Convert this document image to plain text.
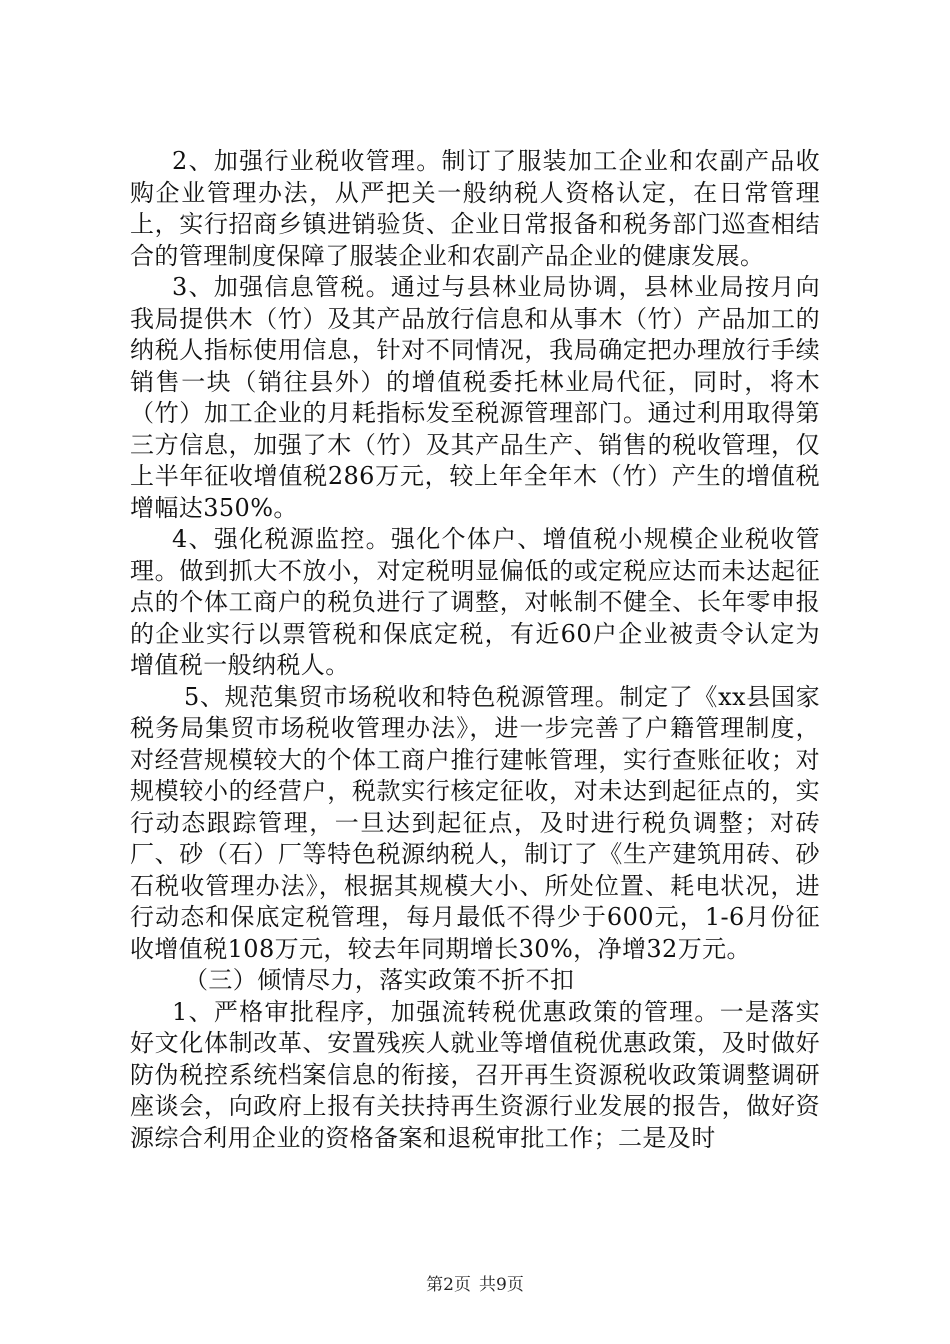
2、加强行业税收管理。制订了服装加工企业和农副产品收购企业管理办法，从严把关一般纳税人资格认定，在日常管理上，实行招商乡镇进销验货、企业日常报备和税务部门巡查相结合的管理制度保障了服装企业和农副产品企业的健康发展。

3、加强信息管税。通过与县林业局协调，县林业局按月向我局提供木（竹）及其产品放行信息和从事木（竹）产品加工的纳税人指标使用信息，针对不同情况，我局确定把办理放行手续销售一块（销往县外）的增值税委托林业局代征，同时，将木（竹）加工企业的月耗指标发至税源管理部门。通过利用取得第三方信息，加强了木（竹）及其产品生产、销售的税收管理，仅上半年征收增值税286万元，较上年全年木（竹）产生的增值税增幅达350%。

4、强化税源监控。强化个体户、增值税小规模企业税收管理。做到抓大不放小，对定税明显偏低的或定税应达而未达起征点的个体工商户的税负进行了调整，对帐制不健全、长年零申报的企业实行以票管税和保底定税，有近60户企业被责令认定为增值税一般纳税人。

5、规范集贸市场税收和特色税源管理。制定了《xx县国家税务局集贸市场税收管理办法》，进一步完善了户籍管理制度，对经营规模较大的个体工商户推行建帐管理，实行查账征收；对规模较小的经营户，税款实行核定征收，对未达到起征点的，实行动态跟踪管理，一旦达到起征点，及时进行税负调整；对砖厂、砂（石）厂等特色税源纳税人，制订了《生产建筑用砖、砂石税收管理办法》，根据其规模大小、所处位置、耗电状况，进行动态和保底定税管理，每月最低不得少于600元，1-6月份征收增值税108万元，较去年同期增长30%，净增32万元。

（三）倾情尽力，落实政策不折不扣

1、严格审批程序，加强流转税优惠政策的管理。一是落实好文化体制改革、安置残疾人就业等增值税优惠政策，及时做好防伪税控系统档案信息的衔接，召开再生资源税收政策调整调研座谈会，向政府上报有关扶持再生资源行业发展的报告，做好资源综合利用企业的资格备案和退税审批工作；二是及时

第2页 共9页
